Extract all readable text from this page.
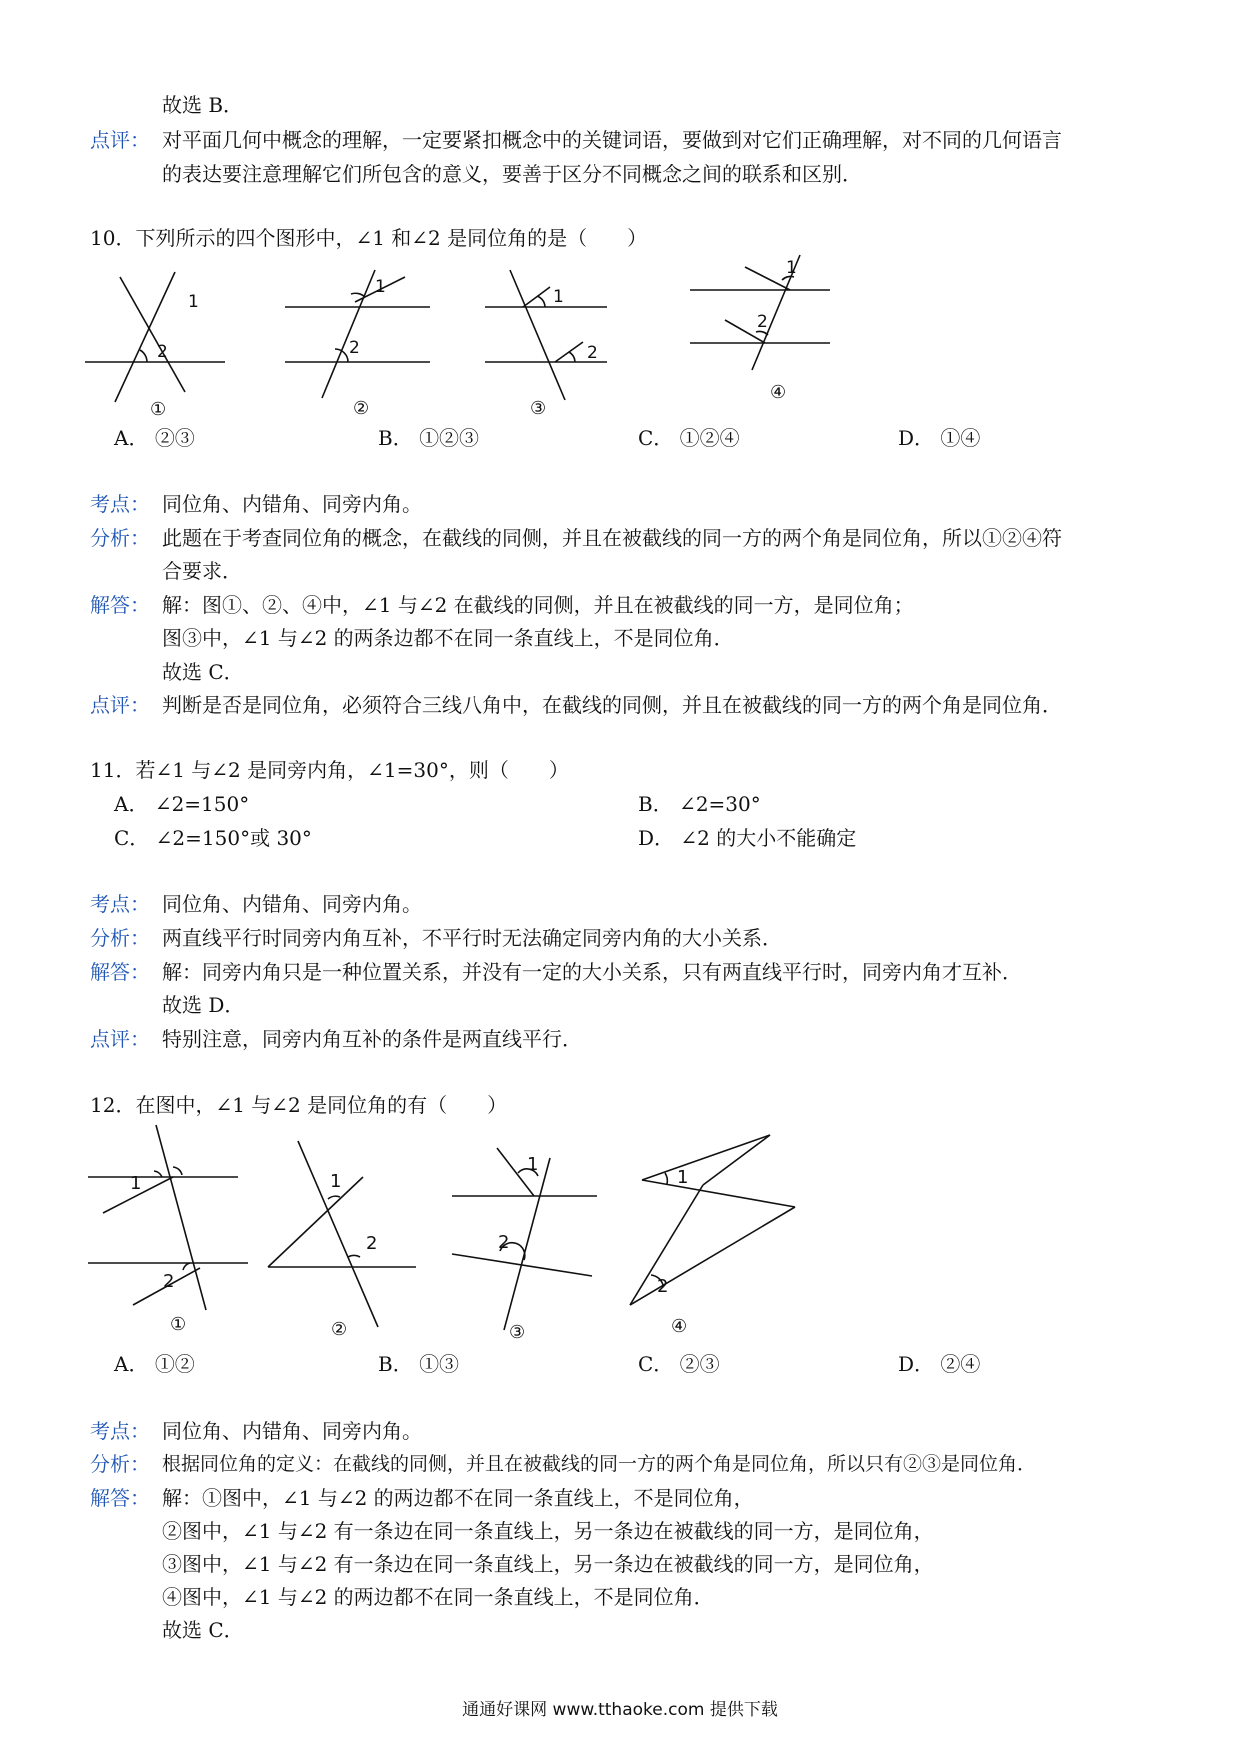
故选 B．
点评： 对平面几何中概念的理解，一定要紧扣概念中的关键词语，要做到对它们正确理解，对不同的几何语言
的表达要注意理解它们所包含的意义，要善于区分不同概念之间的联系和区别．
10．下列所示的四个图形中，∠1 和∠2 是同位角的是（　　）
1
2
①
1
2
②
1
2
③
1
2
④
A． ②③	B． ①②③	C． ①②④	D． ①④
考点： 同位角、内错角、同旁内角。
分析： 此题在于考查同位角的概念，在截线的同侧，并且在被截线的同一方的两个角是同位角，所以①②④符
合要求．
解答： 解：图①、②、④中，∠1 与∠2 在截线的同侧，并且在被截线的同一方，是同位角；
图③中，∠1 与∠2 的两条边都不在同一条直线上，不是同位角．
故选 C．
点评： 判断是否是同位角，必须符合三线八角中，在截线的同侧，并且在被截线的同一方的两个角是同位角．
11．若∠1 与∠2 是同旁内角，∠1=30°，则（　　）
A． ∠2=150°	B． ∠2=30°
C． ∠2=150°或 30°	D． ∠2 的大小不能确定
考点： 同位角、内错角、同旁内角。
分析： 两直线平行时同旁内角互补，不平行时无法确定同旁内角的大小关系．
解答： 解：同旁内角只是一种位置关系，并没有一定的大小关系，只有两直线平行时，同旁内角才互补．
故选 D．
点评： 特别注意，同旁内角互补的条件是两直线平行．
12．在图中，∠1 与∠2 是同位角的有（　　）
1
2
①
1
2
②
1
2
③
1
2
④
A． ①②	B． ①③	C． ②③	D． ②④
考点： 同位角、内错角、同旁内角。
分析： 根据同位角的定义：在截线的同侧，并且在被截线的同一方的两个角是同位角，所以只有②③是同位角．
解答： 解：①图中，∠1 与∠2 的两边都不在同一条直线上，不是同位角，
②图中，∠1 与∠2 有一条边在同一条直线上，另一条边在被截线的同一方，是同位角，
③图中，∠1 与∠2 有一条边在同一条直线上，另一条边在被截线的同一方，是同位角，
④图中，∠1 与∠2 的两边都不在同一条直线上，不是同位角．
故选 C．
通通好课网 www.tthaoke.com 提供下载
